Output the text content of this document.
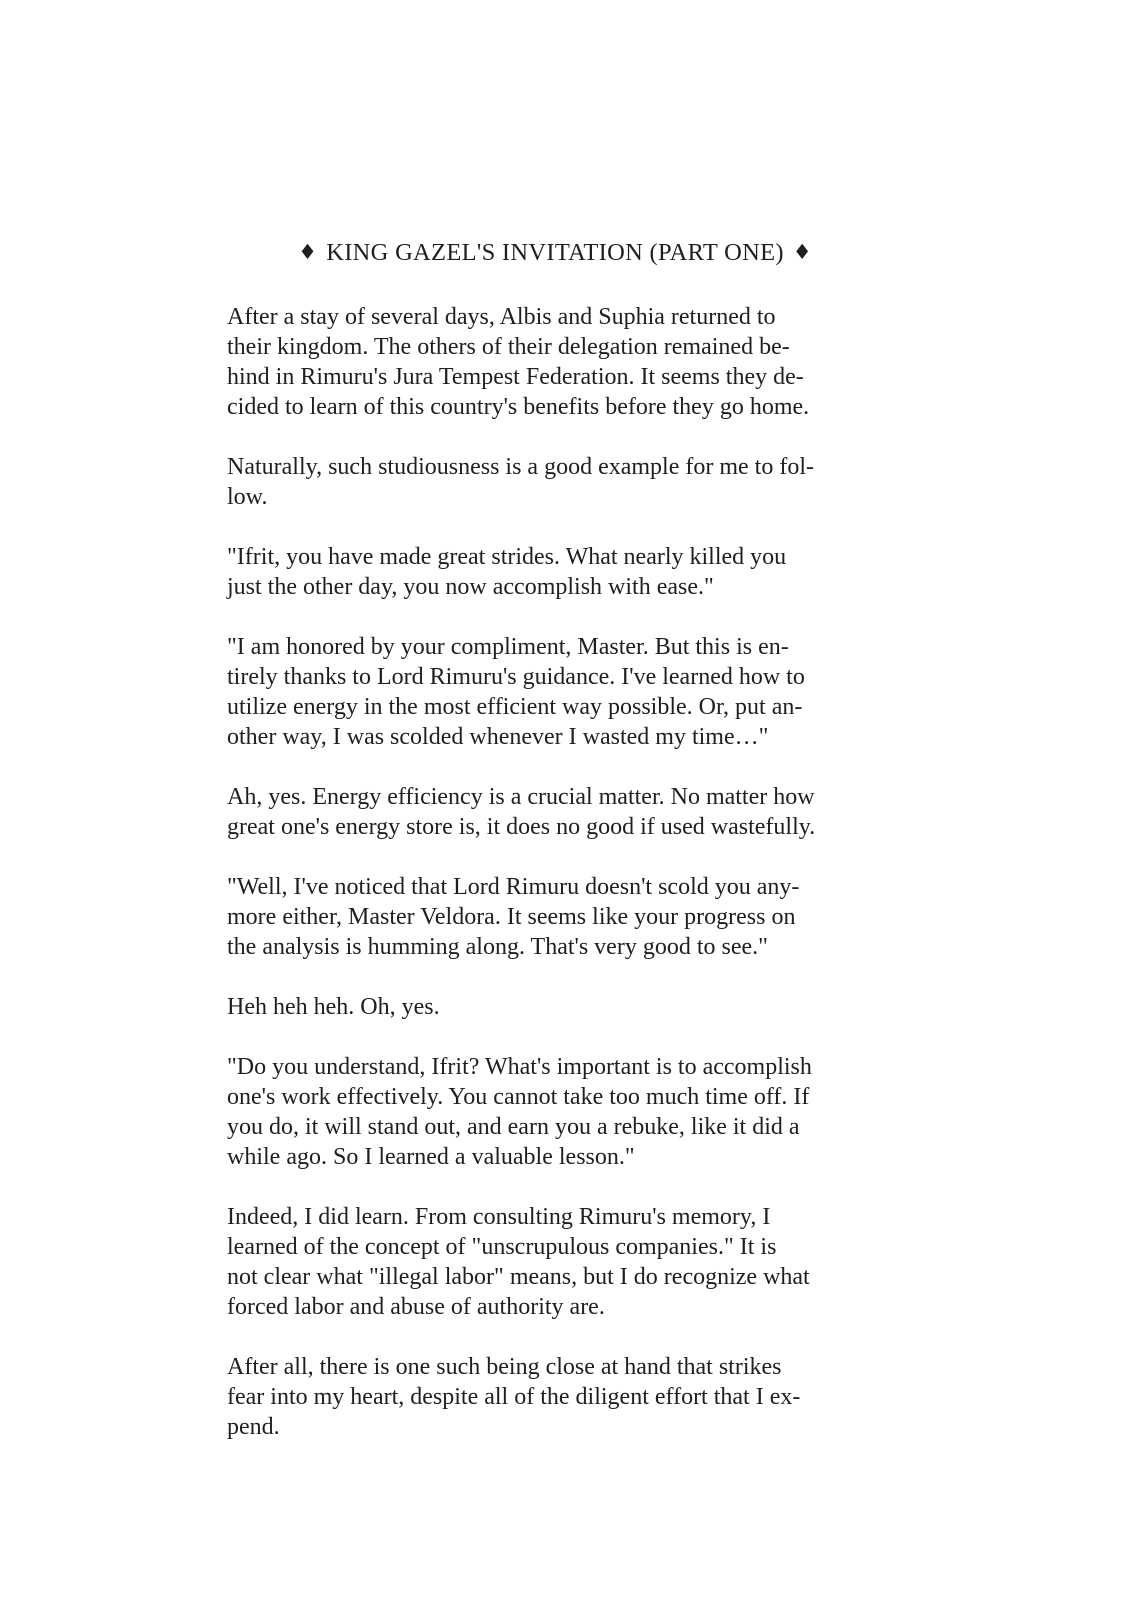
♦ KING GAZEL'S INVITATION (PART ONE) ♦

After a stay of several days, Albis and Suphia returned to
their kingdom. The others of their delegation remained be-
hind in Rimuru's Jura Tempest Federation. It seems they de-
cided to learn of this country's benefits before they go home.

Naturally, such studiousness is a good example for me to fol-
low.

"Ifrit, you have made great strides. What nearly killed you
just the other day, you now accomplish with ease."

"I am honored by your compliment, Master. But this is en-
tirely thanks to Lord Rimuru's guidance. I've learned how to
utilize energy in the most efficient way possible. Or, put an-
other way, I was scolded whenever I wasted my time…"

Ah, yes. Energy efficiency is a crucial matter. No matter how
great one's energy store is, it does no good if used wastefully.

"Well, I've noticed that Lord Rimuru doesn't scold you any-
more either, Master Veldora. It seems like your progress on
the analysis is humming along. That's very good to see."

Heh heh heh. Oh, yes.

"Do you understand, Ifrit? What's important is to accomplish
one's work effectively. You cannot take too much time off. If
you do, it will stand out, and earn you a rebuke, like it did a
while ago. So I learned a valuable lesson."

Indeed, I did learn. From consulting Rimuru's memory, I
learned of the concept of "unscrupulous companies." It is
not clear what "illegal labor" means, but I do recognize what
forced labor and abuse of authority are.

After all, there is one such being close at hand that strikes
fear into my heart, despite all of the diligent effort that I ex-
pend.
